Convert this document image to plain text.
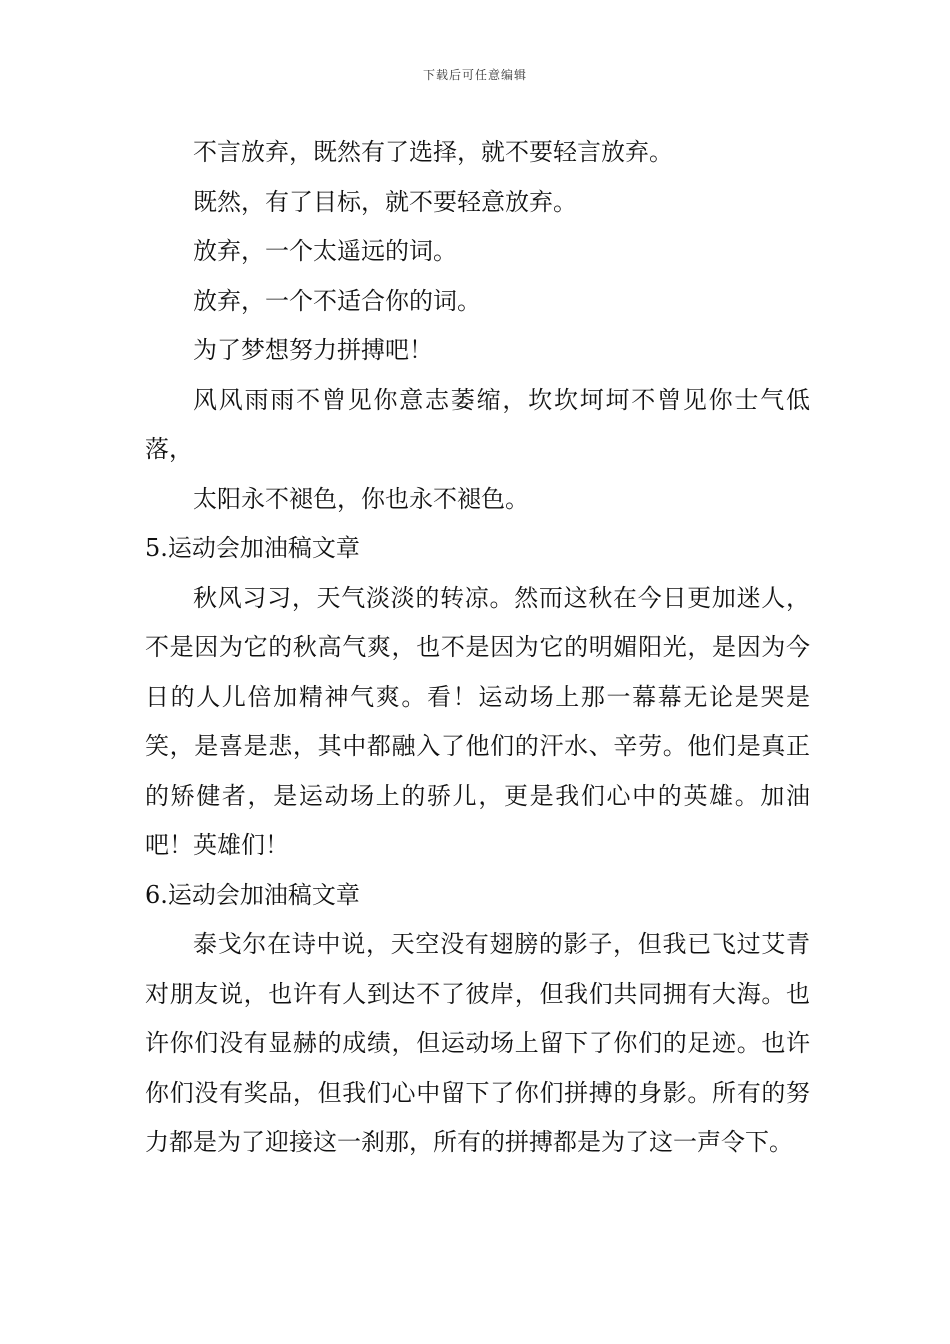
下载后可任意编辑

不言放弃，既然有了选择，就不要轻言放弃。

既然，有了目标，就不要轻意放弃。

放弃，一个太遥远的词。

放弃，一个不适合你的词。

为了梦想努力拼搏吧！

风风雨雨不曾见你意志萎缩，坎坎坷坷不曾见你士气低落，

太阳永不褪色，你也永不褪色。

5.运动会加油稿文章

秋风习习，天气淡淡的转凉。然而这秋在今日更加迷人，不是因为它的秋高气爽，也不是因为它的明媚阳光，是因为今日的人儿倍加精神气爽。看！运动场上那一幕幕无论是哭是笑，是喜是悲，其中都融入了他们的汗水、辛劳。他们是真正的矫健者，是运动场上的骄儿，更是我们心中的英雄。加油吧！英雄们！

6.运动会加油稿文章

泰戈尔在诗中说，天空没有翅膀的影子，但我已飞过艾青对朋友说，也许有人到达不了彼岸，但我们共同拥有大海。也许你们没有显赫的成绩，但运动场上留下了你们的足迹。也许你们没有奖品，但我们心中留下了你们拼搏的身影。所有的努力都是为了迎接这一刹那，所有的拼搏都是为了这一声令下。
